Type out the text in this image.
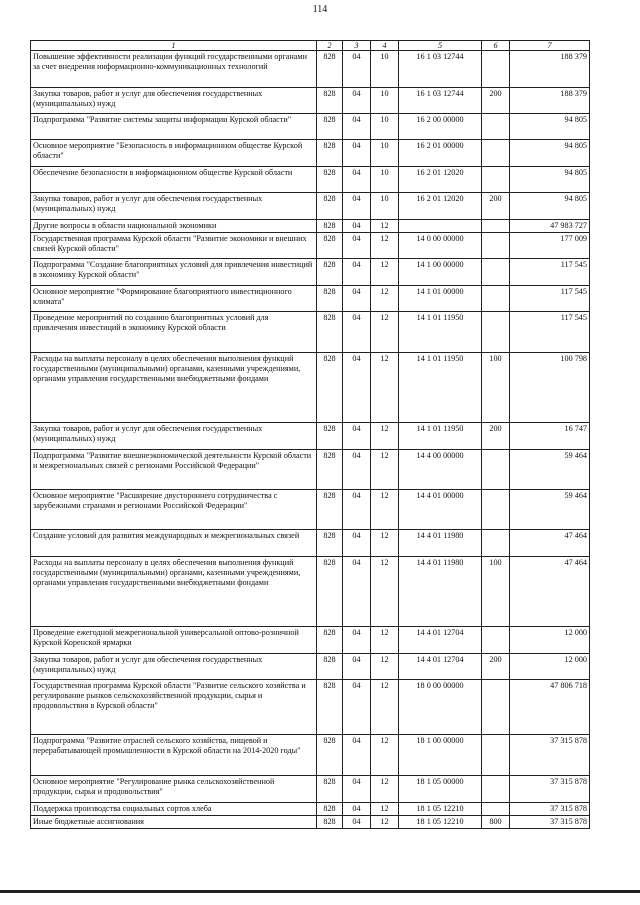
114
1	2	3	4	5	6	7
Повышение эффективности реализации функций государственными органами за счет внедрения информационно-коммуникационных технологий	828	04	10	16 1 03 12744		188 379
Закупка товаров, работ и услуг для обеспечения государственных (муниципальных) нужд	828	04	10	16 1 03 12744	200	188 379
Подпрограмма "Развитие системы защиты информации Курской области"	828	04	10	16 2 00 00000		94 805
Основное мероприятие "Безопасность в информационном обществе Курской области"	828	04	10	16 2 01 00000		94 805
Обеспечение безопасности в информационном обществе Курской области	828	04	10	16 2 01 12020		94 805
Закупка товаров, работ и услуг для обеспечения государственных (муниципальных) нужд	828	04	10	16 2 01 12020	200	94 805
Другие вопросы в области национальной экономики	828	04	12			47 983 727
Государственная программа Курской области "Развитие экономики и внешних связей Курской области"	828	04	12	14 0 00 00000		177 009
Подпрограмма "Создание благоприятных условий для привлечения инвестиций в экономику Курской области"	828	04	12	14 1 00 00000		117 545
Основное мероприятие "Формирование благоприятного инвестиционного климата"	828	04	12	14 1 01 00000		117 545
Проведение мероприятий по созданию благоприятных условий для привлечения инвестиций в экономику Курской области	828	04	12	14 1 01 11950		117 545
Расходы на выплаты персоналу в целях обеспечения выполнения функций государственными (муниципальными) органами, казенными учреждениями, органами управления государственными внебюджетными фондами	828	04	12	14 1 01 11950	100	100 798
Закупка товаров, работ и услуг для обеспечения государственных (муниципальных) нужд	828	04	12	14 1 01 11950	200	16 747
Подпрограмма "Развитие внешнеэкономической деятельности Курской области и межрегиональных связей с регионами Российской Федерации"	828	04	12	14 4 00 00000		59 464
Основное мероприятие "Расширение двустороннего сотрудничества с зарубежными странами и регионами Российской Федерации"	828	04	12	14 4 01 00000		59 464
Создание условий для развития международных и межрегиональных связей	828	04	12	14 4 01 11980		47 464
Расходы на выплаты персоналу в целях обеспечения выполнения функций государственными (муниципальными) органами, казенными учреждениями, органами управления государственными внебюджетными фондами	828	04	12	14 4 01 11980	100	47 464
Проведение ежегодной межрегиональной универсальной оптово-розничной Курской Коренской ярмарки	828	04	12	14 4 01 12704		12 000
Закупка товаров, работ и услуг для обеспечения государственных (муниципальных) нужд	828	04	12	14 4 01 12704	200	12 000
Государственная программа Курской области "Развитие сельского хозяйства и регулирование рынков сельскохозяйственной продукции, сырья и продовольствия в Курской области"	828	04	12	18 0 00 00000		47 806 718
Подпрограмма "Развитие отраслей сельского хозяйства, пищевой и перерабатывающей промышленности в Курской области на 2014-2020 годы"	828	04	12	18 1 00 00000		37 315 878
Основное мероприятие "Регулирование рынка сельскохозяйственной продукции, сырья и продовольствия"	828	04	12	18 1 05 00000		37 315 878
Поддержка производства социальных сортов хлеба	828	04	12	18 1 05 12210		37 315 878
Иные бюджетные ассигнования	828	04	12	18 1 05 12210	800	37 315 878
